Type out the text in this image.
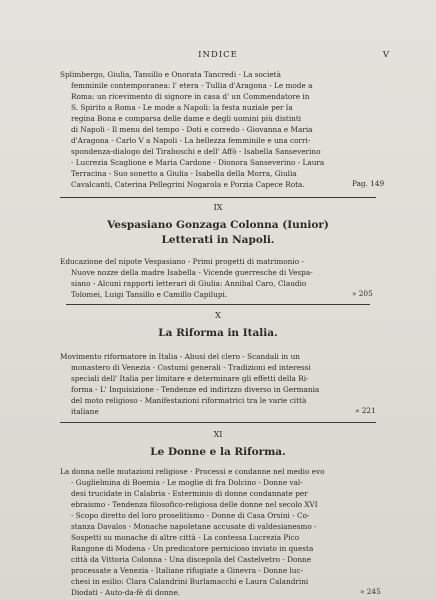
INDICE	V
Splimbergo, Giulia, Tansillo e Onorata Tancredi - La società

femminile contemporanea: l' etera - Tullia d'Aragona - Le mode a
Roma: un ricevimento di signore in casa d' un Commendatore in
S. Spirito a Roma - Le mode a Napoli: la festa nuziale per la
regina Bona e comparsa delle dame e degli uomini più distinti
di Napoli - Il menu del tempo - Doti e corredo - Giovanna e Maria
d'Aragona - Carlo V a Napoli - La bellezza femminile e una corri-
spondenza-dialogo del Tiraboschi e dell' Affò - Isabella Sanseverino
- Lucrezia Scaglione e Maria Cardone - Dionora Sanseverino - Laura
Terracina - Suo sonetto a Giulia - Isabella della Morra, Giulia
Cavalcanti, Caterina Pellegrini Nogarola e Porzia Capece Rota.	Pag. 149
IX
Vespasiano Gonzaga Colonna (Iunior)
Letterati in Napoli.
Educazione del nipote Vespasiano - Primi progetti di matrimonio -

Nuove nozze della madre Isabella - Vicende guerresche di Vespa-
siano - Alcuni rapporti letterari di Giulia: Annibal Caro, Claudio
Tolomei, Luigi Tansillo e Camillo Capilupi.	» 205
X
La Riforma in Italia.
Movimento riformatore in Italia - Abusi del clero - Scandali in un

monastero di Venezia - Costumi generali - Tradizioni ed interessi
speciali dell' Italia per limitare e determinare gli effetti della Ri-
forma - L' Inquisizione - Tendenze ed indirizzo diverso in Germania
del moto religioso - Manifestazioni riformatrici tra le varie città
italiane	» 221
XI
Le Donne e la Riforma.
La donna nelle mutazioni religiose - Processi e condanne nel medio evo

- Guglielmina di Boemia - Le moglie di fra Dolcino - Donne val-
desi trucidate in Calabria - Esterminio di donne condannate per
ebraismo - Tendenza filosofico-religiosa delle donne nel secolo XVI
- Scopo diretto del loro proselitismo - Donne di Casa Orsini - Co-
stanza Davalos - Monache napoletane accusate di valdesianesmo -
Sospetti su monache di altre città - La contessa Lucrezia Pico
Rangone di Modena - Un predicatore pernicioso inviato in questa
città da Vittoria Colonna - Una discepola del Castelvetro - Donne
processate a Venezia - Italiane rifugiate a Ginevra - Donne luc-
chesi in esilio: Clara Calandrini Burlamacchi e Laura Calandrini
Diodati - Auto-da-fè di donne.	» 245
